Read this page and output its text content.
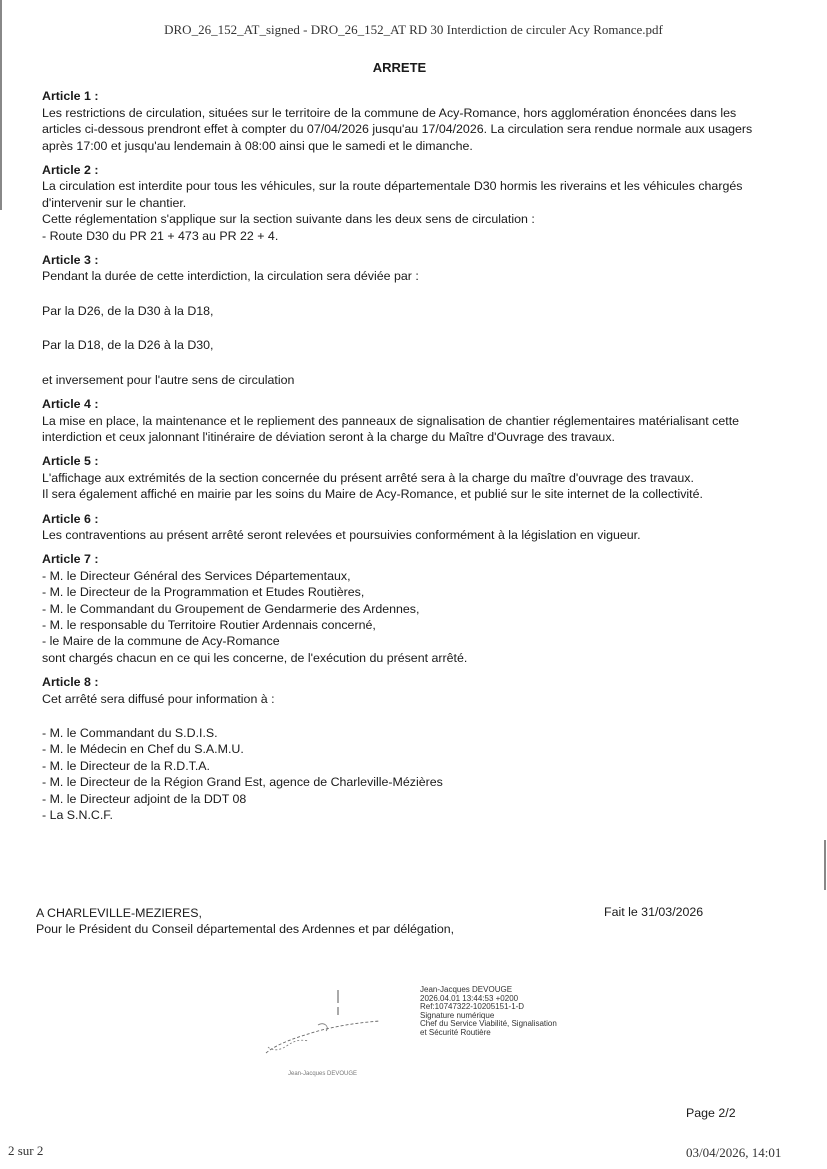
DRO_26_152_AT_signed - DRO_26_152_AT RD 30 Interdiction de circuler Acy Romance.pdf
ARRETE
Article 1 :

Les restrictions de circulation, situées sur le territoire de la commune de Acy-Romance, hors agglomération énoncées dans les articles ci-dessous prendront effet à compter du 07/04/2026 jusqu'au 17/04/2026. La circulation sera rendue normale aux usagers après 17:00 et jusqu'au lendemain à 08:00 ainsi que le samedi et le dimanche.

Article 2 :

La circulation est interdite pour tous les véhicules, sur la route départementale D30 hormis les riverains et les véhicules chargés d'intervenir sur le chantier.

Cette réglementation s'applique sur la section suivante dans les deux sens de circulation :

- Route D30 du PR 21 + 473 au PR 22 + 4.

Article 3 :

Pendant la durée de cette interdiction, la circulation sera déviée par :

Par la D26, de la D30 à la D18,

Par la D18, de la D26 à la D30,

et inversement pour l'autre sens de circulation

Article 4 :

La mise en place, la maintenance et le repliement des panneaux de signalisation de chantier réglementaires matérialisant cette interdiction et ceux jalonnant l'itinéraire de déviation seront à la charge du Maître d'Ouvrage des travaux.

Article 5 :

L'affichage aux extrémités de la section concernée du présent arrêté sera à la charge du maître d'ouvrage des travaux.

Il sera également affiché en mairie par les soins du Maire de Acy-Romance, et publié sur le site internet de la collectivité.

Article 6 :

Les contraventions au présent arrêté seront relevées et poursuivies conformément à la législation en vigueur.

Article 7 :
- M. le Directeur Général des Services Départementaux,
- M. le Directeur de la Programmation et Etudes Routières,
- M. le Commandant du Groupement de Gendarmerie des Ardennes,
- M. le responsable du Territoire Routier Ardennais concerné,
- le Maire de la commune de Acy-Romance
sont chargés chacun en ce qui les concerne, de l'exécution du présent arrêté.
Article 8 :

Cet arrêté sera diffusé pour information à :

- M. le Commandant du S.D.I.S.
- M. le Médecin en Chef du S.A.M.U.
- M. le Directeur de la R.D.T.A.
- M. le Directeur de la Région Grand Est, agence de Charleville-Mézières
- M. le Directeur adjoint de la DDT 08
- La S.N.C.F.
A CHARLEVILLE-MEZIERES,
Pour le Président du Conseil départemental des Ardennes et par délégation,
Fait le 31/03/2026
Jean-Jacques DEVOUGE
Jean-Jacques DEVOUGE
2026.04.01 13:44:53 +0200
Ref:10747322-10205151-1-D
Signature numérique
Chef du Service Viabilité, Signalisation
et Sécurité Routière
Page 2/2
2 sur 2	03/04/2026, 14:01
